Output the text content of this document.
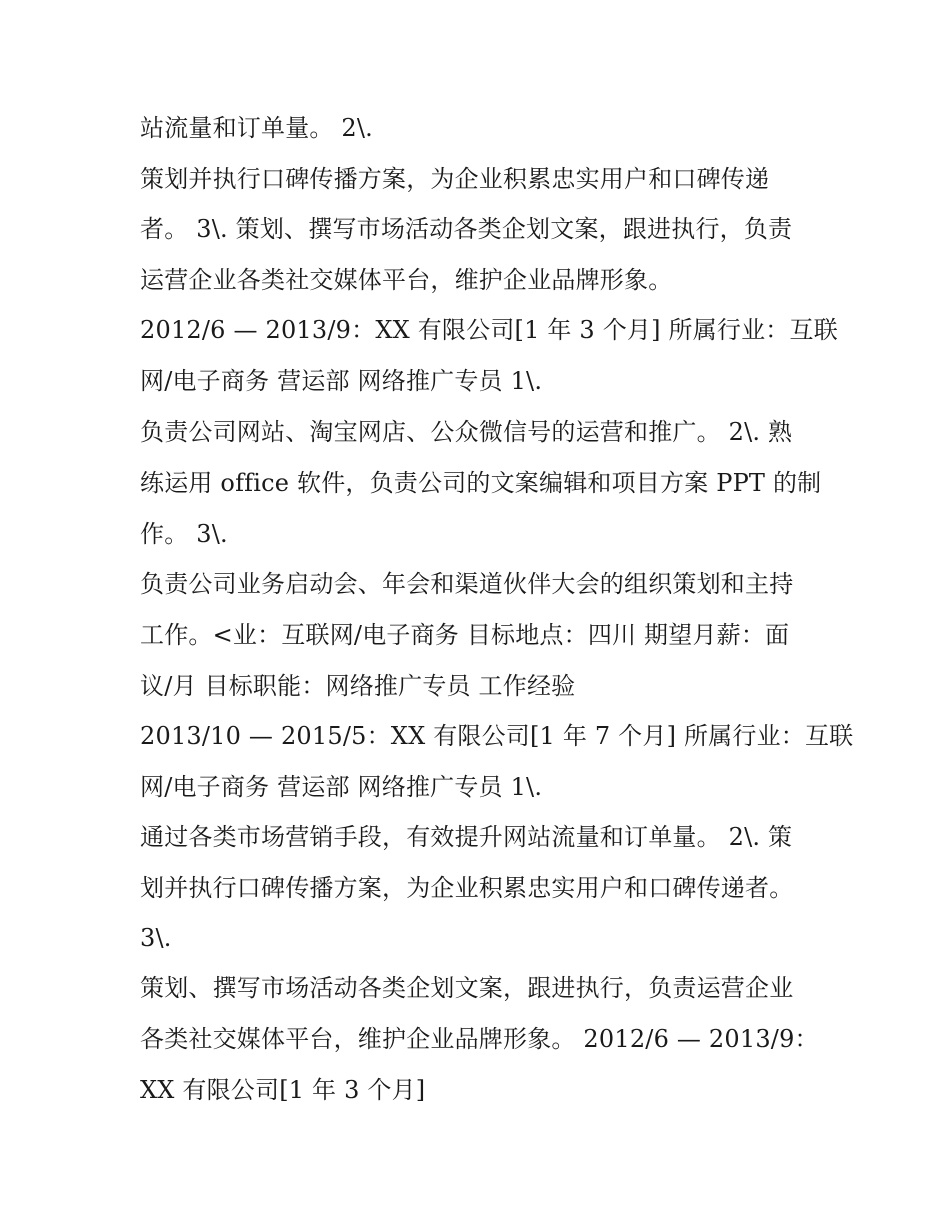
站流量和订单量。 2\.
策划并执行口碑传播方案，为企业积累忠实用户和口碑传递
者。 3\. 策划、撰写市场活动各类企划文案，跟进执行，负责
运营企业各类社交媒体平台，维护企业品牌形象。
2012/6 — 2013/9：XX 有限公司[1 年 3 个月] 所属行业：互联
网/电子商务 营运部 网络推广专员 1\.
负责公司网站、淘宝网店、公众微信号的运营和推广。 2\. 熟
练运用 office 软件，负责公司的文案编辑和项目方案 PPT 的制
作。 3\.
负责公司业务启动会、年会和渠道伙伴大会的组织策划和主持
工作。<业：互联网/电子商务 目标地点：四川 期望月薪：面
议/月 目标职能：网络推广专员 工作经验
2013/10 — 2015/5：XX 有限公司[1 年 7 个月] 所属行业：互联
网/电子商务 营运部 网络推广专员 1\.
通过各类市场营销手段，有效提升网站流量和订单量。 2\. 策
划并执行口碑传播方案，为企业积累忠实用户和口碑传递者。
3\.
策划、撰写市场活动各类企划文案，跟进执行，负责运营企业
各类社交媒体平台，维护企业品牌形象。 2012/6 — 2013/9：
XX 有限公司[1 年 3 个月]
